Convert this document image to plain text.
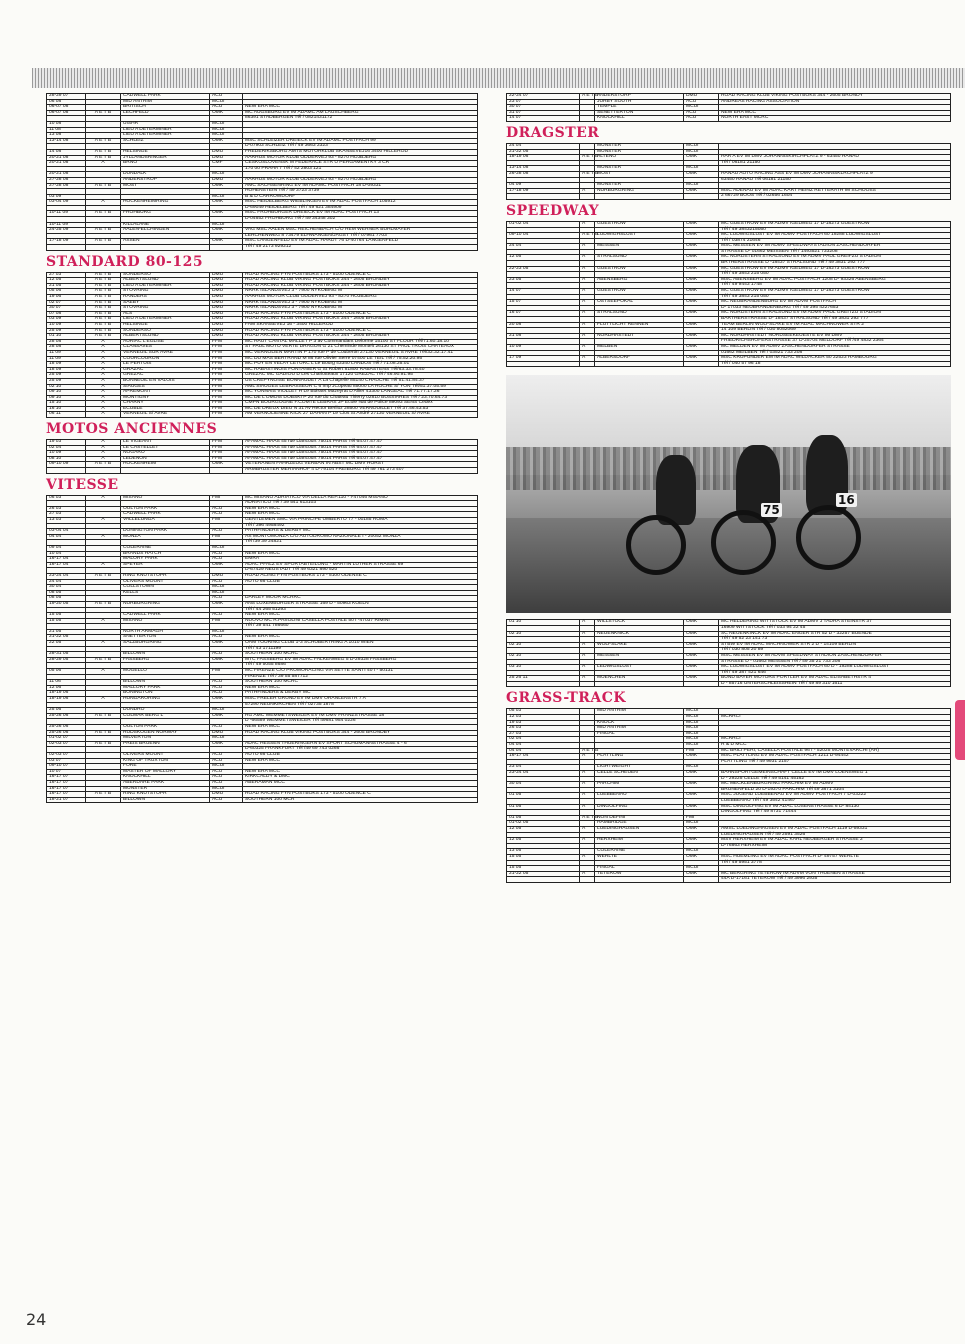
28-29 07		CADWELL PARK	ACU	
06 08		MID ANTRIM	MCUI	
06-07 08		BRITISCH	ACU	NEW ERA MCC
06-07 08	A E T B	LECHFELD	OMK	MC AUGSBURG EV IM ADAMC AM LAUSCHBERG
				86391 STADBERGEN Tél / 0821431172
10 08		UISHR	MCUI	
11 08		LIEU A DETERMINER	MCUI	
13 08		LIEU A DETERMINER	MCUI	
13-14 08	A E T B	SCHLEIZ	OMK	MSC SCHLEIZER DREIECK EV IM ADAMC POSTFACH 99
				D-07903 SCHLEIZ Tél / 49 3663 2323
14 08	A E T B	HELSINGE	DMU	FREDERIKSBORG AMTS MOTORKLUB SKANSEVEJ16 3400 HILLEROD
20-21 08	A E T B	JYLLANDSRINGER	DMU	AARHUS MOTOR KLUB ODDERVEJ 93 - 8270 HOJBJERG
20-21 08	A	BRNO	CMF	CESKOSLOVENSK M FEDERACE STR U PERGAMENTKY 3 CR
				170 00 PRAHA 7 Tél / 42 2803 121
20-21 08		DUNDALK	MCUI	
27-28 08		ANDERSTROP	DMU	AARHUS MOTOR KLUB ODDERVEJ 93 - 8270 HOJBJERG
27-28 08	A E T B	MOST	OMK	AMC SACHSENRING EV IM ADAMC POSTFACH 18 D-09331
				HOHENSTEIN Tél / 49 3723 3739
03 09			MCUI	B & D CARROWDORF
03-04 09	A	HOCKENHEIMRING	OMK	MSC HEIDELBERG WIEBLINGEN EV IM ADAC POSTFACH 105912
				D-69049 HEIDELBERG Tél / 49 621 384909
10-11 09	A E T B	FROHBURG	OMK	MSC FROHBURGER DREIECK EV IM ADAC POSTFACH 13
				D-04652 FROHBURG Tél / 49 34348 302
10-11 09		KILLALANE	MCUI	
24-25 09	A E T B	AALEN-ELCHINGEN	OMK	VAG MSC AALEN MSC REICHENBACH C/O HEM WERNER BUHLMAYER
				LERCHENWEG 8 73479 ELHWANGEN/JAGST Tél / 07961 7703
17-18 09	A E T B	ASSEN	OMK	MSC LANGENFELD EV IM ADAC HARDT 76 D-40764 LANGENFELD
				Tél / 49 2173 929212
STANDARD 80-125
27 03	A E T B	SONDERSO	DMU	ROAD RACING FYN POSTBOKS 173 - 5100 ODENCE C
12 05	A E T B	ALBERTSLUND	DMU	ROAD ARCING KLUB VIKING POSTBOKS 344 - 2605 BRONDBY
21 05	A E T B	LIEU A DETERMINER	DMU	ROAD ARCING KLUB VIKING POSTBOKS 344 - 2605 BRONDBY
05 06	A E T B	STOVRING	DMU	NRRK ISLANDSVEJ 3 - 7900 NYKOBING M
19 06	A E T B	RANDERS	DMU	AARHUS MOTOR CLUB ODDERVEJ 93 - 8270 HOJBJERG
02 07	A E T B	SAEBY	DMU	NRRK ISLANDSVEJ 3 - 7900 NYKOBING M
30 07	A E T B	STOVRING	DMU	NRRK ISLANDSVEJ 3 - 7900 NYKOBING M
07 08	A E T B	ALS	DMU	ROAD RACING FYN POSTBOKS 173 - 5100 ODENCE C
03 09	A E T B	LIEU A DETERMINER	DMU	ROAD ARCING KLUB VIKING POSTBOKS 344 - 2605 BRONDBY
10 09	A E T B	HELSINGE	DMU	FAM SKANSEVEJ 16 - 3400 HILLEROD
25 09	A E T B	SONDERSO	DMU	ROAD RACING FYN POSTBOKS 173 - 5100 ODENCE C
01 10	A E T B	ALBERTSLUND	DMU	ROAD ARCING KLUB VIKING POSTBOKS 344 - 2605 BRONDBY
28 08	A	AURIAC L'EGLISE	FFM	MC HAUT CANTAL MALLET P 3 av Commandant Delorme 15100 ST FLOUR Tél/71.60.18.10
28 08	A	CLANSAVES	FFM	ST PAUL MOTO VERTE DRAGON G 21 Cheminde Montelt 26130 ST PAUL TROIS CHATEAUX
11 09	A	VERNEUIL SUR AVRE	FFM	MC VERNOLIEN MARTIN P 170 rue P de Coubertin 27130 VERNEUIL S AVRE Tél/32.32.17.41
11 09	A	COURCOURON	FFM	MC DU MAS BERTRAND M 86 rue Olivier Serre 07400 LE TEIL Tél / 75.52.20.95
18 09	A	LE PERTUIS	FFM	MC PUY EN VELAY LETURC L Le Bourg 43340 LANDOS Tél / 71.08.25.01
18 09	A	GRAZAC	FFM	MC RABASTINOIS FONTANIER G St Robert 81800 RABASTENS Tél/63.33.78.40
25 09	A	GREZAC	FFM	GREZAC MC GADIOU D Les Charlotteaux 17120 GREZAC Tél / 46.90.91.95
25 09	A	BONNEUIL EN VALOIS	FFM	US CREPYNOISE BONNAUDET A La Chapelle 85140 CHAUCHE Tél 51.41.84.37
02 10	A	SIAUGES	FFM	AML SIAUGES LEBRASSEUR C 6 Imp JCopeau 85000 LA ROCHE S/ YON Tél/51.37.05.59
09 10	A	APREMONT	FFM	MC YONNAIS VIOLLET H Le Boisset Mazeyrat D'Allier 43300 LANGEAC Tél 71.77.17.26
09 10	A	MONTIGNY	FFM	MC DE L'OMOIS DOBSKI P 20 rue du Chateau Thierry 02810 BUSSIARES Tél / 23.70.64.73
15 10	A	CHARNY	FFM	CMPN BOURGOGNE F.COMTE LEBRAS JP Ecole Nat de Police 89093 SENS Cedex
16 10	A	ECUBLE	FFM	MC DE DREUX DIEU N 31 Av Hector Berlioz 28500 VERNOUILLET Tél 37.46.43.53
06 11	A	VERNEUIL S/ AVRE	FFM	AM VERNOLIENNE KICK 27 DAHAN P Le Clos St André 27130 VERNEUIL S/ AVRE
MOTOS ANCIENNES
19 03	A	LE VIGEANT	FFM	AFAMAC HAAS 45 rue Liancourt 75014 PARIS Tél 64.07.47.47
02 04	A	LE CASTELLET	FFM	AFAMAC HAAS 45 rue Liancourt 75014 PARIS Tél 64.07.47.47
10 09	A	NOGARO	FFM	AFAMAC HAAS 45 rue Liancourt 75014 PARIS Tél 64.07.47.47
08 10	A	LEDENON	FFM	AFAMAC HAAS 45 rue Liancourt 75014 PARIS Tél 64.07.47.47
09-10 09	A E T B	HOCKENHEIM	OMK	VETERANEN FAHRZEUG VERBAN IN ABST MC DMV HORST
				ARMBRUSTER MERIANHOF 4 D-79104 FREIBURG Tél 49 761 273 407
VITESSE
06 03	A	MISANO	FMI	MC MISANO ADRIATICO VIA DELLA REP.110 - I-47046 MISANO
				ADRIATICO Tél / 39 541 613103
26 03		OULTON PARK	ACU	NEW ERA MCC
27 03		CADWELL PARK	ACU	NEW ERA MCC
13 03	A	VALLELUNGA	FMI	GENTLEMEN SMC VIA PRINCIPE UMBERTO 77 - 00185 ROMA
				Tél / 396 4958492
03-04 04		DONINGTON PARK	ACU	PATHFINDERS & DERBY MC
04 04	A	MONZA	FMI	AS MONTOMONZA C/O AUTODROMO NAZIONALE I - 20052 MONZA
				Tél /39 39 24821
09 04		COLERAINE	MCUI	
10 04		BRANDS HATCH	ACU	NEW ERA MCC
16-17 04		MALORY PARK	ACU	EMRA
16-17 04	A	SPEYER	OMK	ADAC PFALZ EV SPORTABTEILUNG - MARTIN LUTHER STRASSE 69
				D-67429 NEUSTADT Tél 49 6321 890 520
23-24 04	A E T B	RING KNUTSTOPR	DMU	ROAD ACING FYN POSTBOKS 173 - 5100 ODENSE C
24 04		OLIVERS MOUNT	ACU	AUTO 66 CLUB
30 04		COLLSTOWN	MCUI	
08 05		KELLS	MCUI	
08 05			ACU	DARLEY MOOR MCRRC
19-20 05	A E T B	NURBURGRING	OMK	ANS LUXEMBURGER STRASSE 169 D - 50963 KOELN
				Tél / 44 265 51293
15 05		CADWELL PARK	ACU	NEW ERA MCC
15 05	A	MISANO	FMI	NUOVO MC R.PASOLINI CASELLA POSTALE 50 I -47037 RIMINI
				Tél / 39 541 786660
21 05		NORTH ARMAGH	MCUI	
21-22 05		SNETTERTON	ACU	NEW ERA MCC
22 05	A	SALZBURGRING	OMK	OAM TOURING CLUB 1-3 SCHUBERTRING A 1010 WIEN
				Tél / 43 1711199
28-31 05		BILLOWN	ACU	SOUTHERN 100 MCRC
28-29 05	A E T B	FASSBERG	OMK	MTC FASSBERG EV IM ADAC FALKENWEG 5 D-29328 FASSBERG
				Tél / 49 5055 8686
05 06	A	MUGELLO	FMI	MC FIRENZE C/O PROMORACING VIA SETTE SANTI 40 I - 50131
				FIRENZE Tél / 39 55 587712
11 06		BILLOWN	ACU	SOUTHERN 100 MCRC
12 06		MALLORY PARK	ACU	NEW ERA MCC
18-19 06		BONINGTON	ACU	PATHFINDERS & DERBY MC
18-19 06	A	HUNGARORING	OMK	MSC FRELER GRUND EV IM DMV ORANLENSTR 7 A
				57290 NEUNKIRCHEN Tél / 02735 1878
25 06		DUNDRO	MCUI	
25-26 06	A E T B	COLMAR BERG L	OMK	RG AMC WEMMETSWEILER EV IM DMV FRANZSTRASSE 18
				D -66589 WEMMETSWEILER Tél 49681 954 0226
25-26 06		OULTON PARK	ACU	NEW ERA MCC
25-26 06	A E T B	RUDSKOGEN NORWAY	DMU	ROAD RACING KLUB VIKING POSTBOKS 344 - 2605 BRONDBY
01-02 07		MILVERTON	MCUI	
02-03 07	A E T B	PREIS BRUENN	OMK	ADAC HESSEN THUERINGERN EV SPORT SCHUMANNSTRASSE 4 - 6
				D-60325 FRANKFURT Tél /49 69 743 0266
02-03 07		OLIVERS MOUNT	ACU	AUTO 66 CLUB
03 07		KING OF TRUXTON	ACU	NEW ERA MCC
09-10 07		FORE	MCUI	
10 07		MASTER OF MALLORY	ACU	NEW ERA MCC
16-17 07		KNOCKHILL	ACU	KIRKCALDY & DMC
16-17 07		ABERDARE PARK	ACU	ABERAMAN MCC
16-17 07		MUNSTER	MCUI	
16-17 07	A E T B	RING KNUTSTOPR	DMU	ROAD RACING FYN POSTBOKS 173 - 5100 ODENCE C
18-21 07		BILLOWN	ACU	SOUTHERN 100 MCR
22-24 07	A E T B	ANDERSTORP	DMU	ROAD RACING KLUB VIKING POSTBOKS 344 - 2605 BRONDY
23 07		JURBY SOUTH	ACU	ANDREAS RACING ASSOCIATION
30 07		TEMPLE	MCUI	
31 07		SENETTERTON	ACU	NEW ERA MCC
14 07		KNOCKHILL	ACU	NORTH EAST MCRC
DRAGSTER
24 04		MUNSTER	MCUI	
21-22 05		MUNSTER	MCUI	
18-19 06	A E T B	ALTENO	OMK	HAR A EV IM DMV JOHANNISKIRCHPLATZ 9 - 63450 HANAU
				Tél / 06181 21150
13-14 08		MUNSTER	MCUI	
26-28 08	A E T B	MOST	OMK	HANAU AOTO RACING ASS EV IM DMV JOHANNISKLRCHPLATZ 9
				63450 HANAU Tél 06181 21150
04 09		MUNSTER	MCUI	
17-18 09	A	NURBURGRING	OMK	MSC ADENAU EV IM ADAC KART HEINZ RETTERATH IM SCHOOSS
				2 66729 BOOS Tél / 02656 1604
SPEEDWAY
01-02 04	A	GUESTROW	OMK	MC GUESTROW EV IM ADMV IGELWEG 17 D-18273 GUESTROW
				Tél / 49 3843215050
09-10 04	A E T B	LUDWIGHSLUST	OMK	MC LUDWIGSLUST EV IM ADMV POSTFACH 60 19288 LUDWIGSLUST
				Tél / 03874 21646
24 04	A	MEISSEN	OMK	MSC MEISSEN EV IM ADMV SPEEDWAYSTADION ZASCHENDORFER
				STRASSE D- 01662 MEISSEN Tél / 1493521 733208
12 05	A	STRALSUND	OMK	MC NORDSTERN STRALSUND EV IM ADMV PAUL GREIFZU STADION
				BRTHERSTRASSE D -18437 STRALSUND Tél / 49 3831 292 777
22-23 05	A	GUESTROW	OMK	MC GUESTROW EV IM ADMV IGELWEG 17 D-18273 GUESTROW
				Tél / 49 3843 215 050
23 05	A	ABENSBERG	OMK	MSC ABENSBERG EV IM ADAC POSTFACH 1208 D- 93326 ABENSBERG
				Tél / 49 9443 1748
14 07	A	GUESTROW	OMK	MC GUESTROW EV IM ADMV IGELWEG 17 D-18273 GUESTROW
				Tél / 49 3843 215 050
15 07	A	OSTSEEPOKAL	OMK	MC NEUBRANDENBURG EV IM ADVM POSTFACH
				D- 17033 NEUBRANDENBURG Tél / 49 395 4227653
16 07	A	STRALSUND	OMK	MC NORDSTERN STRALSUND EV IM ADMV PAUL GREITZU STADION
				BARTHERSTRASSE D- 18437 STRALSUND Tél / 49 3831 292 777
20 08	A	FLUTTLICHT RENNEN	OMK	TEAM BERLIN WOLFSLAKE EV IM ADAC MACHNOWER STR 2
				14 109 BERLIN Tél / 030 8052069
21 08	A	NORDHASTEDT	OMK	MC NORDHASTEDT NORDSEEKEUESTE EV IM DMV
				FRIEDRICHSHOFERSTRASSE 37 D-25704 MELDORF Tél /49 4832 2364
10 09	A	MELBEN	OMK	MC MELDEN EV IM ADMV ZASCHENDORFER STRASSE
				01662 MEILBEN Tél / 03521 733 208
17 09	A	ALBERSDORF	OMK	MSC KRUPUNDER EM IM ADAC WILDACKER 50 22523 HAMBOURG
				Tél / 040 57 96 18
75
16
01 10	A	WILLSTOCK	OMK	MC HELDERING WITTSTOCK EV IM ADMV J TADRA STEINSTR 37
				16909 WITTSTOCK Tél / 033 94 22 45
02 10	A	NEUENKNICK	OMK	SC NEUENKINCK EV IM ADAC ENGER STR 52 D - 32257 BUENDE
				Tél / 49 52 23 141 73
02 10	A	WOLFSLAKE	OMK	STBW EV IM ADAC MACHNOWER STR 2 D - 14109 BERLIN
				Tél / 030 805 20 89
02 10	A	MEISSEN	OMK	MSC MEISSEN EV IM ADVM SPEEDWAY STADION ZASCHENDORFER
				STRASSE D - 01662 MEISSEN Tél / 49 35 21 733 208
03 10	A	LEDWIGSLUST	OMK	MC LUDWIGSLUST EV IM ADMV POSTFACH 60 D - 19288 LUDWIGSLUST
				Tél / 49 387 421 646
25 26 11	A	MUENCHEN	OMK	BUND BAYER MOTORS PORTLER EV IM ADAC ELISABETHSTR 4
				D - 85716 UNTERSCHLEISSHEIN Tél / 49 89 310 1611
GRASS-TRACK
05 03		MID ANTRIM	MCUI	
12 03			MCUI	MCRRCI
19 03		KNOCK	MCUI	
26 03		MID ANTRIM	MCUI	
27 03		FINGAL	MCUI	
02 04			MCUI	MCRRCI
04 04			MCUI	R & D MCC
04 04	A E T B		FMI	MC BRILI PERI, CASELLA POSTALE 96 I - 52025 MONTEVARCHI (AR)
16-17 04	A	PLATTLING	OMK	MSC PLATTLING EV IM ADAC POSTFACH 1211 D-94442
				PLATTLING Tél / 49 9931 2157
23 04		LIGHTWEIGHT	MCUI	
23-24 04	A	CELLE SCHEUEN	OMK	BAHNSPORTGEMEINSCHAFT CELLE EV IM DMV LOENSWEG 1
				D - 29225 CELLE Tél / 49 5141 45162
30 04	A	PARCHIM	OMK	MC MECKLENBURGRING PARCHIM EV IM ADMV
				BRUNENFELD 20 D-19370 PARCHIM Tél 49 3871 3104
01 05	A	LUEBBENAU	OMK	MSC JUGEND LUEBBENAU EV IM ADMV POSTFACH 7 D-03222
				LUEBBENAU Tél / 49 3542 41467
01 05	A	DINGOLFING	OMK	MSC DINGOLFING EV IM ADAC LUSENSTRASSE 6 D- 84130
				DINGOLFING Tél / 49 8731 71444
01 05	A E T B	NON DEFINI	FMI	
01-02 05		HAMBRIDGE	MCUI	
12 05	A	LUEDINGHAUSEN	OMK	AMSC LUEDINGHAUSEN EV IM ADAC POSTFACH 1119 D-59331
				LUEDINGHAUSEN Tél / 49 2591 3526
12 05	A	HERXHEIM	OMK	MSV HERXHEIM EV IM ADAC KARL NEUBERGER STRASSE 2
				D-76863 HERXHEIM
13 05		COLERAINE	MCUI	
15 05	A	WERLTE	OMK	MSC HUEMLING EV IM ADAC POSTFACH D- 49757 WERLTE
				Tél / 49 5951 3778
15 05		FINGAL	MCUI	
21-22 05	A	TETEROW	OMK	MC BERGRING TETEROW IM ADVM VON THUENEN STRASSE
				44A D-17161 TETEROW Tél / 49 3996 2935
24
